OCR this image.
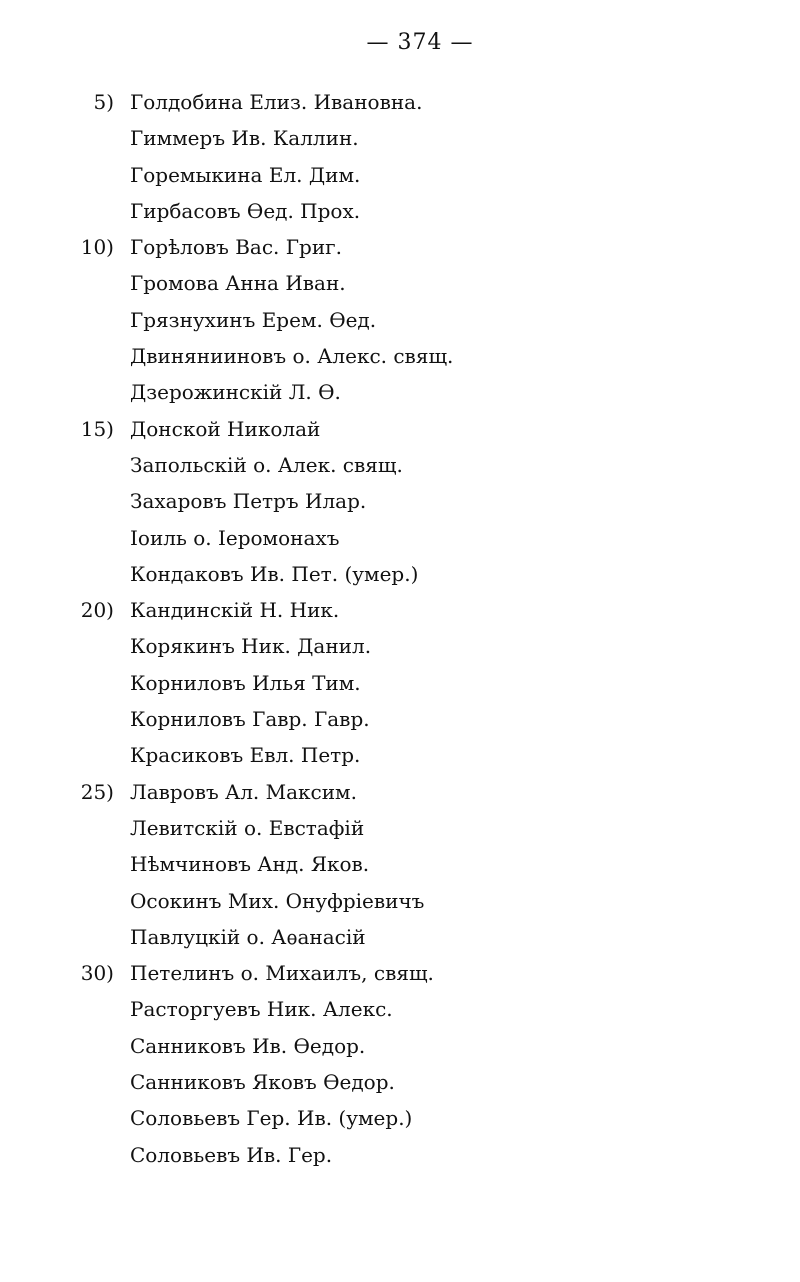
— 374 —
5) Голдобина Елиз. Ивановна.
Гиммеръ Ив. Каллин.
Горемыкина Ел. Дим.
Гирбасовъ Ѳед. Прох.
10) Горѣловъ Вас. Григ.
Громова Анна Иван.
Грязнухинъ Ерем. Ѳед.
Двинянииновъ о. Алекс. свящ.
Дзерожинскій Л. Ѳ.
15) Донской Николай
Запольскій о. Алек. свящ.
Захаровъ Петръ Илар.
Іоиль о. Іеромонахъ
Кондаковъ Ив. Пет. (умер.)
20) Кандинскій Н. Ник.
Корякинъ Ник. Данил.
Корниловъ Илья Тим.
Корниловъ Гавр. Гавр.
Красиковъ Евл. Петр.
25) Лавровъ Ал. Максим.
Левитскій о. Евстафій
Нѣмчиновъ Анд. Яков.
Осокинъ Мих. Онуфріевичъ
Павлуцкій о. Аѳанасій
30) Петелинъ о. Михаилъ, свящ.
Расторгуевъ Ник. Алекс.
Санниковъ Ив. Ѳедор.
Санниковъ Яковъ Ѳедор.
Соловьевъ Гер. Ив. (умер.)
Соловьевъ Ив. Гер.
